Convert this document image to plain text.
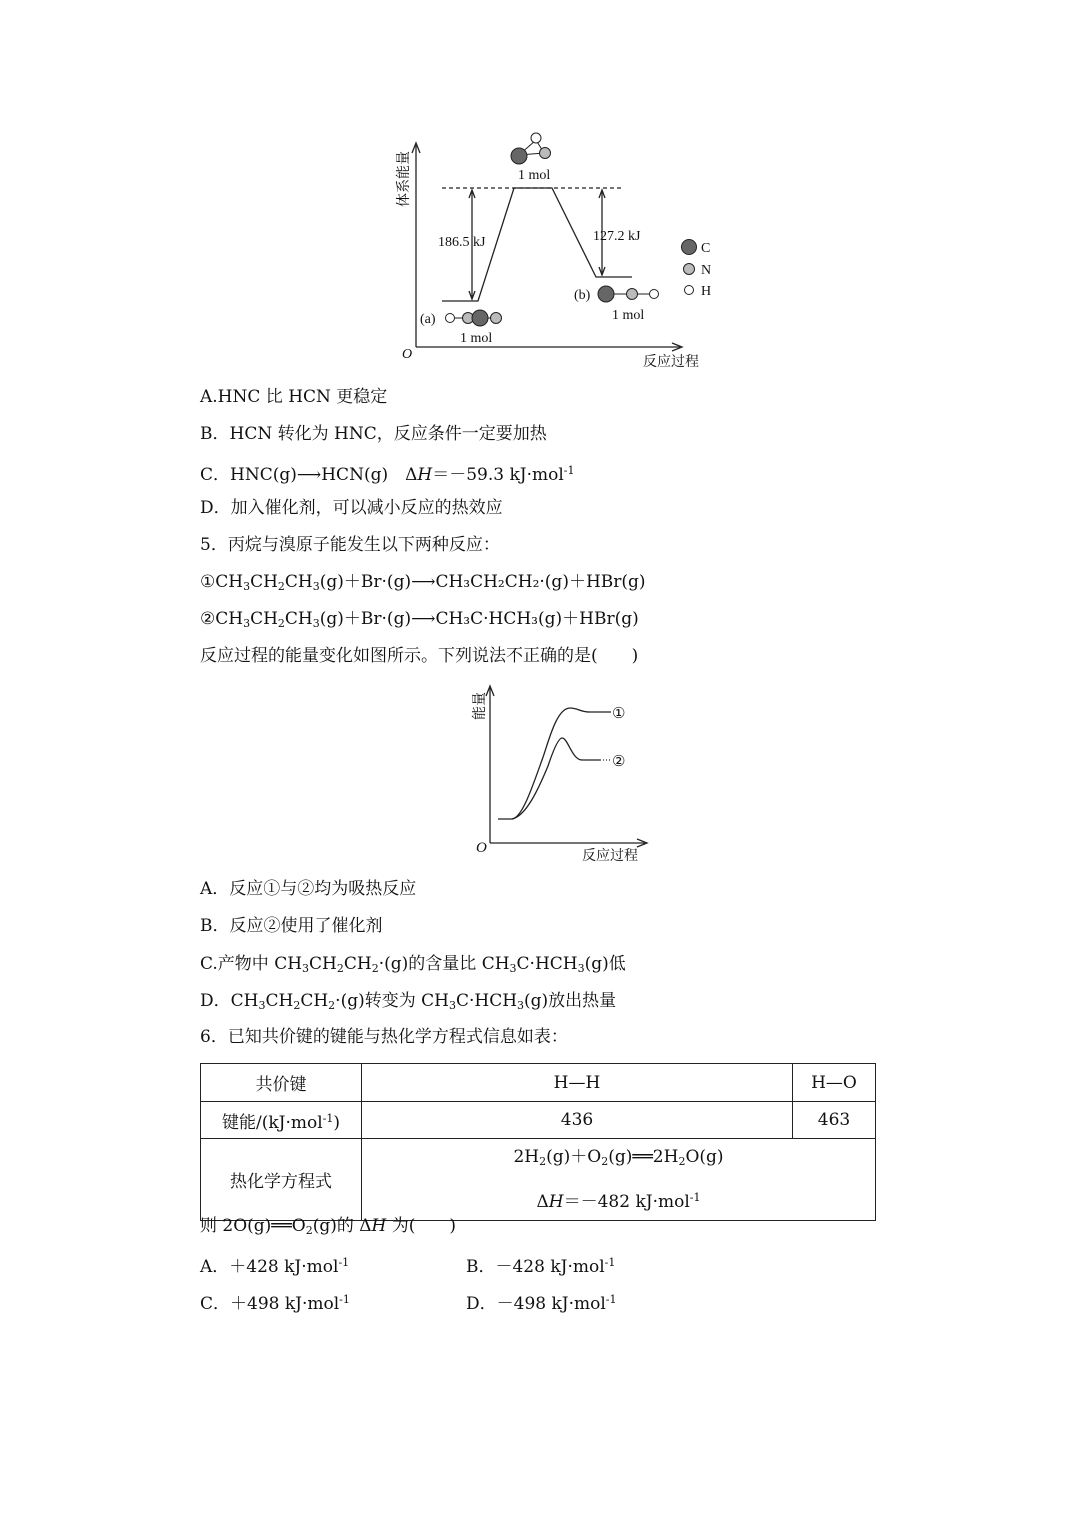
C
N
H
1 mol
186.5 kJ	127.2 kJ
(a)
1 mol
(b)
1 mol
O	反应过程
体系能量
A.HNC 比 HCN 更稳定
B．HCN 转化为 HNC，反应条件一定要加热
C．HNC(g)⟶HCN(g)　ΔH＝－59.3 kJ·mol$^{-1}$
D．加入催化剂，可以减小反应的热效应
5．丙烷与溴原子能发生以下两种反应：
$①CH_3CH_2CH_3(g)+Br\cdot(g)⟶CH_3CH_2CH_2\cdot(g)+HBr(g)$
$②CH_3CH_2CH_3(g)+Br\cdot(g)⟶CH_3C\cdot HCH_3(g)+HBr(g)$
反应过程的能量变化如图所示。下列说法不正确的是(　　)
①
②
O	反应过程
能量
A．反应①与②均为吸热反应
B．反应②使用了催化剂
C.产物中 $CH_3CH_2CH_2\cdot(g)$的含量比 $CH_3C\cdot HCH_3(g)$低
D．$CH_3CH_2CH_2\cdot(g)$转变为 $CH_3C\cdot HCH_3(g)$放出热量
6．已知共价键的键能与热化学方程式信息如表：
共价键	H—H	H—O
键能/(kJ·mol$^{-1}$)	436	463
热化学方程式	$2H_2(g)+O_2(g)══2H_2O(g)$
ΔH＝－482 kJ·mol$^{-1}$
则 $2O(g)══O_2(g)$的 ΔH 为(　　)
A．＋428 kJ·mol$^{-1}$	B．－428 kJ·mol$^{-1}$
C．＋498 kJ·mol$^{-1}$	D．－498 kJ·mol$^{-1}$
